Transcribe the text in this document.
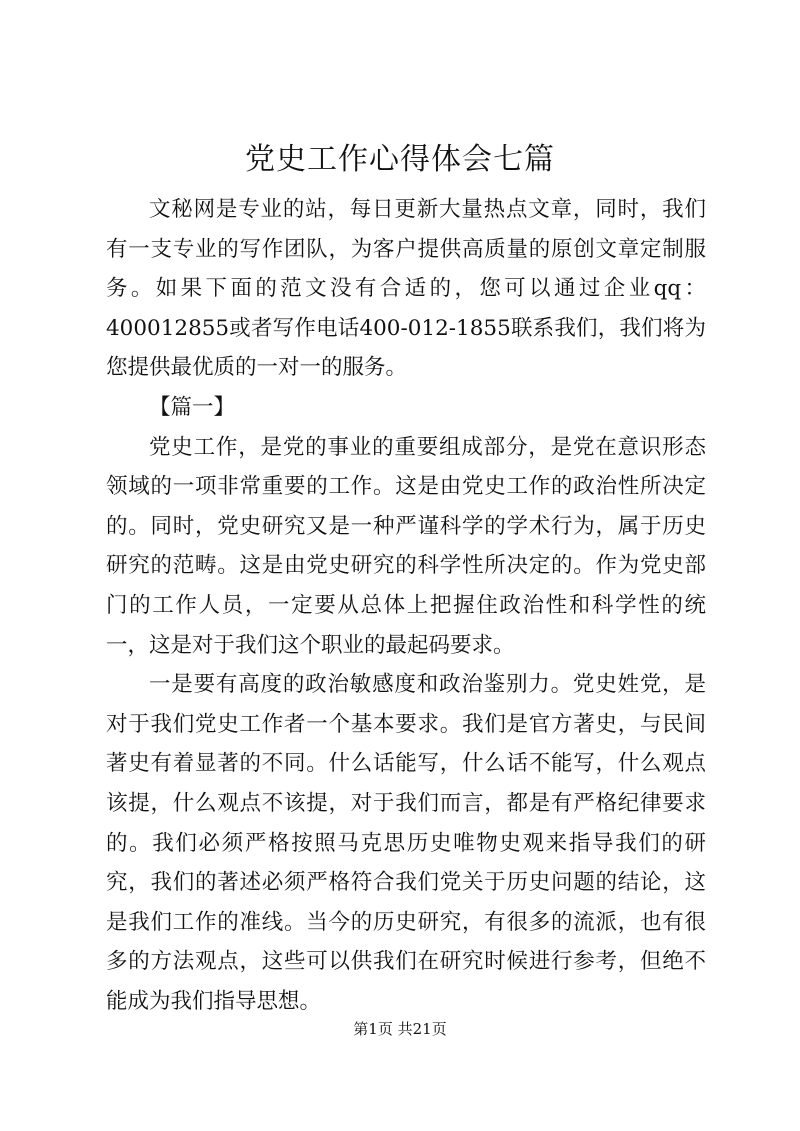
党史工作心得体会七篇

文秘网是专业的站，每日更新大量热点文章，同时，我们有一支专业的写作团队，为客户提供高质量的原创文章定制服务。如果下面的范文没有合适的，您可以通过企业qq：400012855或者写作电话400-012-1855联系我们，我们将为您提供最优质的一对一的服务。

【篇一】

党史工作，是党的事业的重要组成部分，是党在意识形态领域的一项非常重要的工作。这是由党史工作的政治性所决定的。同时，党史研究又是一种严谨科学的学术行为，属于历史研究的范畴。这是由党史研究的科学性所决定的。作为党史部门的工作人员，一定要从总体上把握住政治性和科学性的统一，这是对于我们这个职业的最起码要求。

一是要有高度的政治敏感度和政治鉴别力。党史姓党，是对于我们党史工作者一个基本要求。我们是官方著史，与民间著史有着显著的不同。什么话能写，什么话不能写，什么观点该提，什么观点不该提，对于我们而言，都是有严格纪律要求的。我们必须严格按照马克思历史唯物史观来指导我们的研究，我们的著述必须严格符合我们党关于历史问题的结论，这是我们工作的准线。当今的历史研究，有很多的流派，也有很多的方法观点，这些可以供我们在研究时候进行参考，但绝不能成为我们指导思想。

第1页 共21页
